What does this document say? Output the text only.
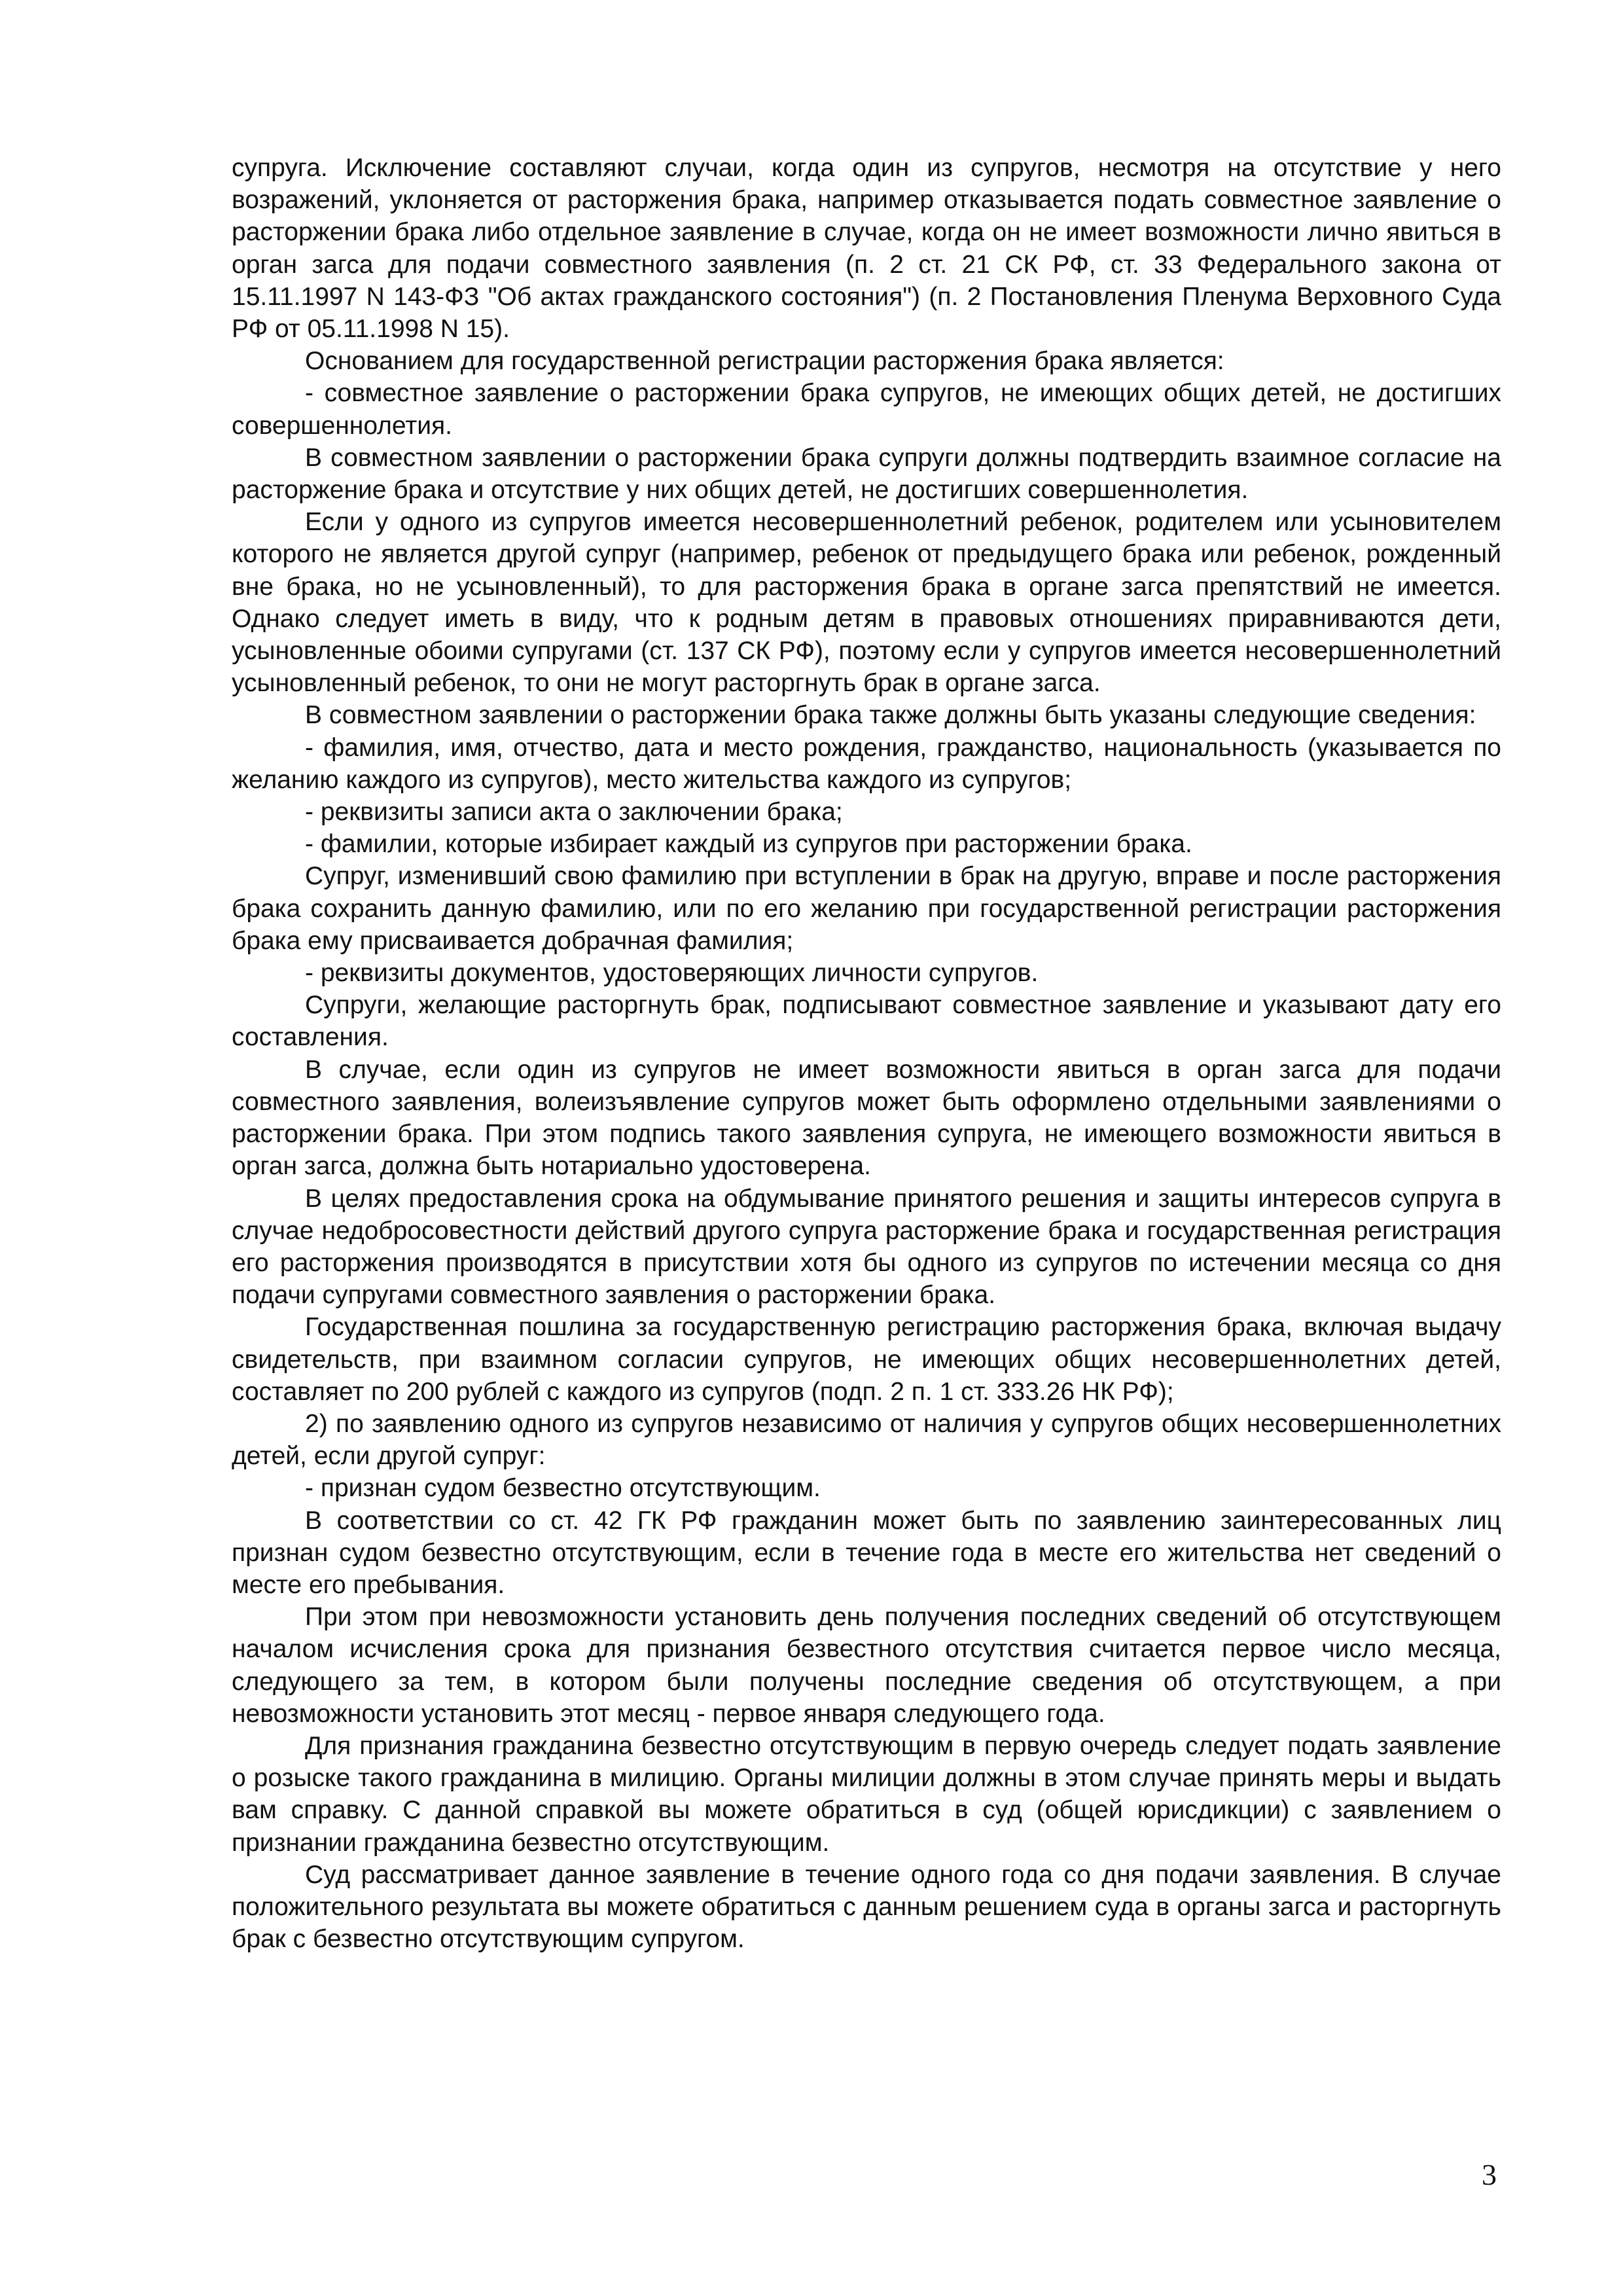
супруга. Исключение составляют случаи, когда один из супругов, несмотря на отсутствие у него возражений, уклоняется от расторжения брака, например отказывается подать совместное заявление о расторжении брака либо отдельное заявление в случае, когда он не имеет возможности лично явиться в орган загса для подачи совместного заявления (п. 2 ст. 21 СК РФ, ст. 33 Федерального закона от 15.11.1997 N 143-ФЗ "Об актах гражданского состояния") (п. 2 Постановления Пленума Верховного Суда РФ от 05.11.1998 N 15).

Основанием для государственной регистрации расторжения брака является:

- совместное заявление о расторжении брака супругов, не имеющих общих детей, не достигших совершеннолетия.

В совместном заявлении о расторжении брака супруги должны подтвердить взаимное согласие на расторжение брака и отсутствие у них общих детей, не достигших совершеннолетия.

Если у одного из супругов имеется несовершеннолетний ребенок, родителем или усыновителем которого не является другой супруг (например, ребенок от предыдущего брака или ребенок, рожденный вне брака, но не усыновленный), то для расторжения брака в органе загса препятствий не имеется. Однако следует иметь в виду, что к родным детям в правовых отношениях приравниваются дети, усыновленные обоими супругами (ст. 137 СК РФ), поэтому если у супругов имеется несовершеннолетний усыновленный ребенок, то они не могут расторгнуть брак в органе загса.

В совместном заявлении о расторжении брака также должны быть указаны следующие сведения:

- фамилия, имя, отчество, дата и место рождения, гражданство, национальность (указывается по желанию каждого из супругов), место жительства каждого из супругов;

- реквизиты записи акта о заключении брака;

- фамилии, которые избирает каждый из супругов при расторжении брака.

Супруг, изменивший свою фамилию при вступлении в брак на другую, вправе и после расторжения брака сохранить данную фамилию, или по его желанию при государственной регистрации расторжения брака ему присваивается добрачная фамилия;

- реквизиты документов, удостоверяющих личности супругов.

Супруги, желающие расторгнуть брак, подписывают совместное заявление и указывают дату его составления.

В случае, если один из супругов не имеет возможности явиться в орган загса для подачи совместного заявления, волеизъявление супругов может быть оформлено отдельными заявлениями о расторжении брака. При этом подпись такого заявления супруга, не имеющего возможности явиться в орган загса, должна быть нотариально удостоверена.

В целях предоставления срока на обдумывание принятого решения и защиты интересов супруга в случае недобросовестности действий другого супруга расторжение брака и государственная регистрация его расторжения производятся в присутствии хотя бы одного из супругов по истечении месяца со дня подачи супругами совместного заявления о расторжении брака.

Государственная пошлина за государственную регистрацию расторжения брака, включая выдачу свидетельств, при взаимном согласии супругов, не имеющих общих несовершеннолетних детей, составляет по 200 рублей с каждого из супругов (подп. 2 п. 1 ст. 333.26 НК РФ);

2) по заявлению одного из супругов независимо от наличия у супругов общих несовершеннолетних детей, если другой супруг:

- признан судом безвестно отсутствующим.

В соответствии со ст. 42 ГК РФ гражданин может быть по заявлению заинтересованных лиц признан судом безвестно отсутствующим, если в течение года в месте его жительства нет сведений о месте его пребывания.

При этом при невозможности установить день получения последних сведений об отсутствующем началом исчисления срока для признания безвестного отсутствия считается первое число месяца, следующего за тем, в котором были получены последние сведения об отсутствующем, а при невозможности установить этот месяц - первое января следующего года.

Для признания гражданина безвестно отсутствующим в первую очередь следует подать заявление о розыске такого гражданина в милицию. Органы милиции должны в этом случае принять меры и выдать вам справку. С данной справкой вы можете обратиться в суд (общей юрисдикции) с заявлением о признании гражданина безвестно отсутствующим.

Суд рассматривает данное заявление в течение одного года со дня подачи заявления. В случае положительного результата вы можете обратиться с данным решением суда в органы загса и расторгнуть брак с безвестно отсутствующим супругом.

3
